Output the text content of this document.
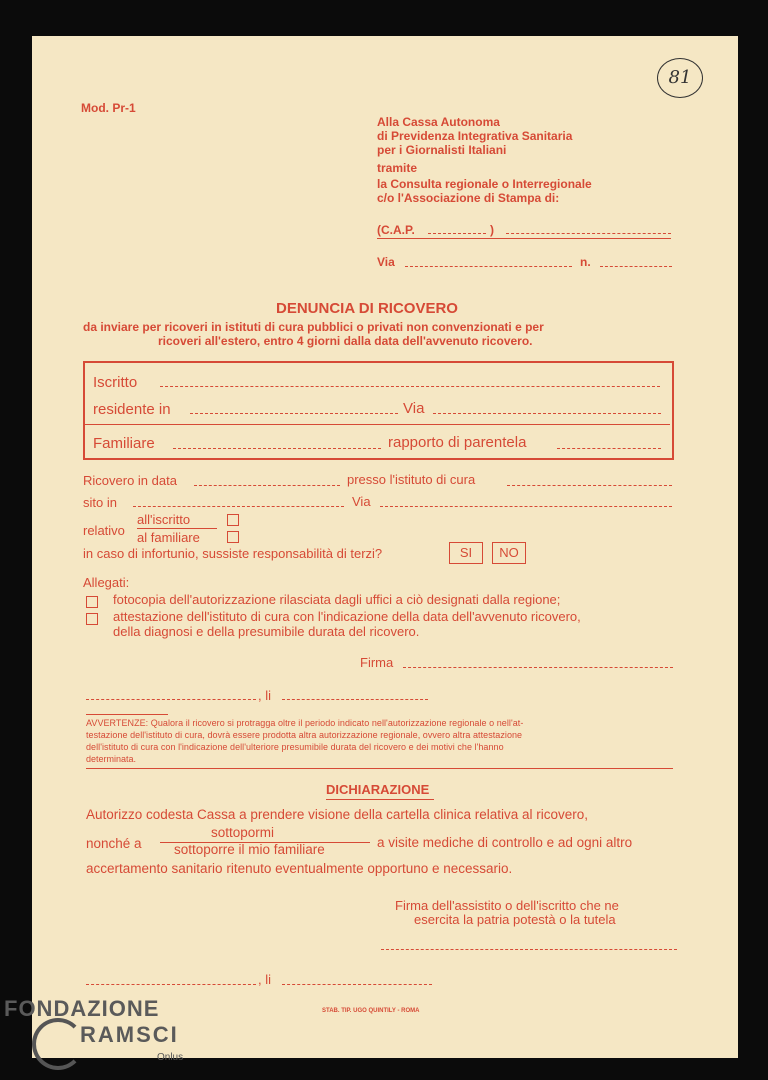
81
Mod. Pr-1
Alla Cassa Autonoma
di Previdenza Integrativa Sanitaria
per i Giornalisti Italiani
tramite
la Consulta regionale o Interregionale
c/o l'Associazione di Stampa di:
(C.A.P.	)
Via	n.
DENUNCIA DI RICOVERO
da inviare per ricoveri in istituti di cura pubblici o privati non convenzionati e per
ricoveri all'estero, entro 4 giorni dalla data dell'avvenuto ricovero.
Iscritto
residente in	Via
Familiare	rapporto di parentela
Ricovero in data	presso l'istituto di cura
sito in	Via
relativo
all'iscritto
al familiare
in caso di infortunio, sussiste responsabilità di terzi?	SI	NO
Allegati:
fotocopia dell'autorizzazione rilasciata dagli uffici a ciò designati dalla regione;
attestazione dell'istituto di cura con l'indicazione della data dell'avvenuto ricovero,
della diagnosi e della presumibile durata del ricovero.
Firma
, li
AVVERTENZE: Qualora il ricovero si protragga oltre il periodo indicato nell'autorizzazione regionale o nell'at-
testazione dell'istituto di cura, dovrà essere prodotta altra autorizzazione regionale, ovvero altra attestazione
dell'istituto di cura con l'indicazione dell'ulteriore presumibile durata del ricovero e dei motivi che l'hanno
determinata.
DICHIARAZIONE
Autorizzo codesta Cassa a prendere visione della cartella clinica relativa al ricovero,
nonché a
sottopormi
sottoporre il mio familiare	a visite mediche di controllo e ad ogni altro
accertamento sanitario ritenuto eventualmente opportuno e necessario.
Firma dell'assistito o dell'iscritto che ne
esercita la patria potestà o la tutela
, li
STAB. TIP. UGO QUINTILY - ROMA
FONDAZIONE
RAMSCI
Onlus
